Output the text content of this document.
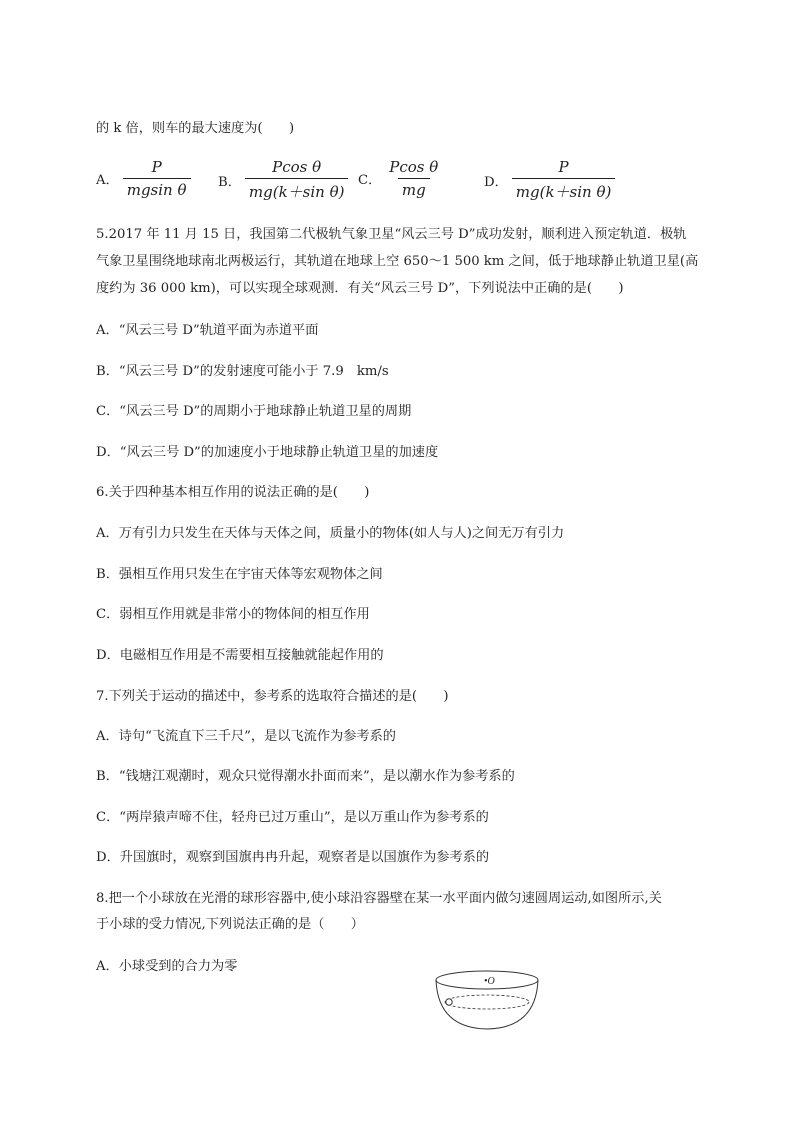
的 k 倍，则车的最大速度为(　　)
A． $\frac{P}{\text{mgsin θ}}$ B． $\frac{\text{Pcos θ}}{\text{mg(k＋sin θ)}}$ C． $\frac{\text{Pcos θ}}{mg}$	D． $\frac{P}{\text{mg(k＋sin θ)}}$
5.2017 年 11 月 15 日，我国第二代极轨气象卫星“风云三号 D”成功发射，顺利进入预定轨道．极轨
气象卫星围绕地球南北两极运行，其轨道在地球上空 650～1 500 km 之间，低于地球静止轨道卫星(高
度约为 36 000 km)，可以实现全球观测．有关“风云三号 D”，下列说法中正确的是(　　)
A．“风云三号 D”轨道平面为赤道平面
B．“风云三号 D”的发射速度可能小于 7.9　km/s
C．“风云三号 D”的周期小于地球静止轨道卫星的周期
D．“风云三号 D”的加速度小于地球静止轨道卫星的加速度
6.关于四种基本相互作用的说法正确的是(　　)
A．万有引力只发生在天体与天体之间，质量小的物体(如人与人)之间无万有引力
B．强相互作用只发生在宇宙天体等宏观物体之间
C．弱相互作用就是非常小的物体间的相互作用
D．电磁相互作用是不需要相互接触就能起作用的
7.下列关于运动的描述中，参考系的选取符合描述的是(　　)
A．诗句“飞流直下三千尺”，是以飞流作为参考系的
B．“钱塘江观潮时，观众只觉得潮水扑面而来”，是以潮水作为参考系的
C．“两岸猿声啼不住，轻舟已过万重山”，是以万重山作为参考系的
D．升国旗时，观察到国旗冉冉升起，观察者是以国旗作为参考系的
8.把一个小球放在光滑的球形容器中,使小球沿容器壁在某一水平面内做匀速圆周运动,如图所示,关
于小球的受力情况,下列说法正确的是（　　）
A．小球受到的合力为零
•O
